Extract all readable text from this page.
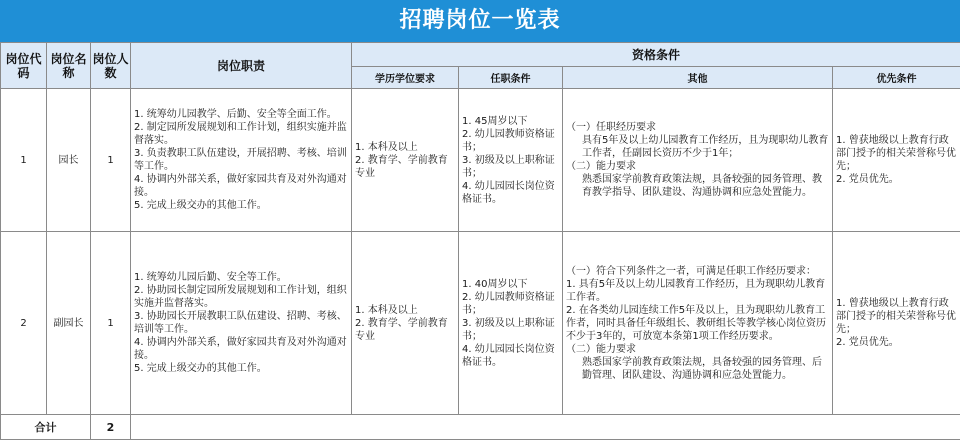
招聘岗位一览表
岗位代码	岗位名称	岗位人数	岗位职责	资格条件			
				学历学位要求	任职条件	其他	优先条件
1	园长	1	1. 统筹幼儿园教学、后勤、安全等全面工作。
2. 制定园所发展规划和工作计划，组织实施并监督落实。
3. 负责教职工队伍建设，开展招聘、考核、培训等工作。
4. 协调内外部关系，做好家园共育及对外沟通对接。
5. 完成上级交办的其他工作。	1. 本科及以上
2. 教育学、学前教育专业	1. 45周岁以下
2. 幼儿园教师资格证书；
3. 初级及以上职称证书；
4. 幼儿园园长岗位资格证书。	（一）任职经历要求
具有5年及以上幼儿园教育工作经历，且为现职幼儿教育工作者，任副园长资历不少于1年；
（二）能力要求
熟悉国家学前教育政策法规，具备较强的园务管理、教育教学指导、团队建设、沟通协调和应急处置能力。	1. 曾获地级以上教育行政部门授予的相关荣誉称号优先；
2. 党员优先。

2	副园长	1	1. 统筹幼儿园后勤、安全等工作。
2. 协助园长制定园所发展规划和工作计划，组织实施并监督落实。
3. 协助园长开展教职工队伍建设、招聘、考核、培训等工作。
4. 协调内外部关系，做好家园共育及对外沟通对接。
5. 完成上级交办的其他工作。	1. 本科及以上
2. 教育学、学前教育专业	1. 40周岁以下
2. 幼儿园教师资格证书；
3. 初级及以上职称证书；
4. 幼儿园园长岗位资格证书。	（一）符合下列条件之一者，可满足任职工作经历要求：
1. 具有5年及以上幼儿园教育工作经历，且为现职幼儿教育工作者。
2. 在各类幼儿园连续工作5年及以上，且为现职幼儿教育工作者，同时具备任年级组长、教研组长等教学核心岗位资历不少于3年的，可放宽本条第1项工作经历要求。
（二）能力要求
熟悉国家学前教育政策法规，具备较强的园务管理、后勤管理、团队建设、沟通协调和应急处置能力。	1. 曾获地级以上教育行政部门授予的相关荣誉称号优先；
2. 党员优先。

合计		2					
